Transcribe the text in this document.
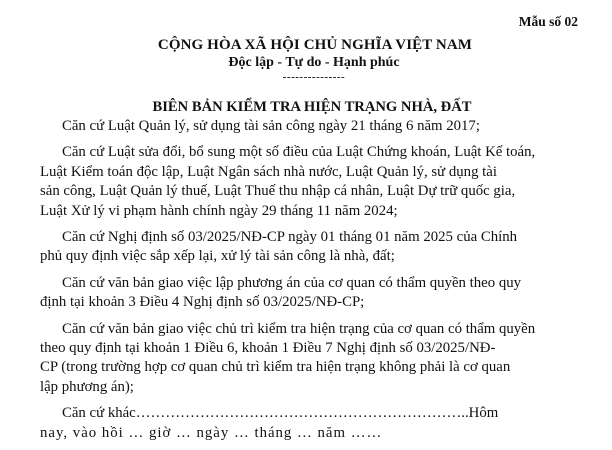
Mẫu số 02
CỘNG HÒA XÃ HỘI CHỦ NGHĨA VIỆT NAM
Độc lập - Tự do - Hạnh phúc
---------------
BIÊN BẢN KIỂM TRA HIỆN TRẠNG NHÀ, ĐẤT
Căn cứ Luật Quản lý, sử dụng tài sản công ngày 21 tháng 6 năm 2017;
Căn cứ Luật sửa đổi, bổ sung một số điều của Luật Chứng khoán, Luật Kế toán,
Luật Kiểm toán độc lập, Luật Ngân sách nhà nước, Luật Quản lý, sử dụng tài
sản công, Luật Quản lý thuế, Luật Thuế thu nhập cá nhân, Luật Dự trữ quốc gia,
Luật Xử lý vi phạm hành chính ngày 29 tháng 11 năm 2024;
Căn cứ Nghị định số 03/2025/NĐ-CP ngày 01 tháng 01 năm 2025 của Chính
phủ quy định việc sắp xếp lại, xử lý tài sản công là nhà, đất;
Căn cứ văn bản giao việc lập phương án của cơ quan có thẩm quyền theo quy
định tại khoản 3 Điều 4 Nghị định số 03/2025/NĐ-CP;
Căn cứ văn bản giao việc chủ trì kiểm tra hiện trạng của cơ quan có thẩm quyền
theo quy định tại khoản 1 Điều 6, khoản 1 Điều 7 Nghị định số 03/2025/NĐ-
CP (trong trường hợp cơ quan chủ trì kiểm tra hiện trạng không phải là cơ quan
lập phương án);
Căn cứ khác…………………………………………………………..Hôm
nay, vào hồi … giờ … ngày … tháng … năm ……
